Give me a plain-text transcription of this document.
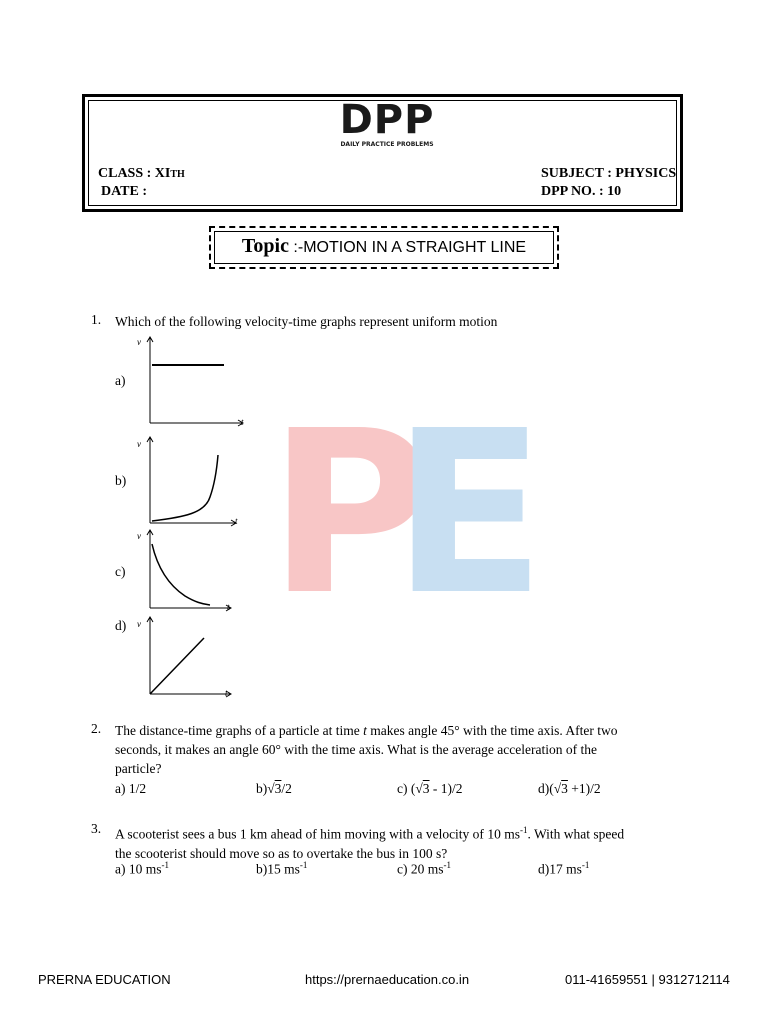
P
E
DPP
DAILY PRACTICE PROBLEMS
CLASS : XITH
DATE :
SUBJECT : PHYSICS
DPP NO. : 10
Topic :-MOTION IN A STRAIGHT LINE
1. Which of the following velocity-time graphs represent uniform motion
a)
v
t
b)
v
t
c)
v
t
d) v
t
2. The distance-time graphs of a particle at time t makes angle 45° with the time axis. After two
seconds, it makes an angle 60° with the time axis. What is the average acceleration of the
particle?
a) 1/2	b)√3/2	c) (√3 - 1)/2	d)(√3 +1)/2
3. A scooterist sees a bus 1 km ahead of him moving with a velocity of 10 $ms^{-1}$. With what speed
the scooterist should move so as to overtake the bus in 100 s?
a) 10 $ms^{-1}$	b)15 $ms^{-1}$	c) 20 $ms^{-1}$	d)17 $ms^{-1}$
PRERNA EDUCATION	https://prernaeducation.co.in	011-41659551 | 9312712114
